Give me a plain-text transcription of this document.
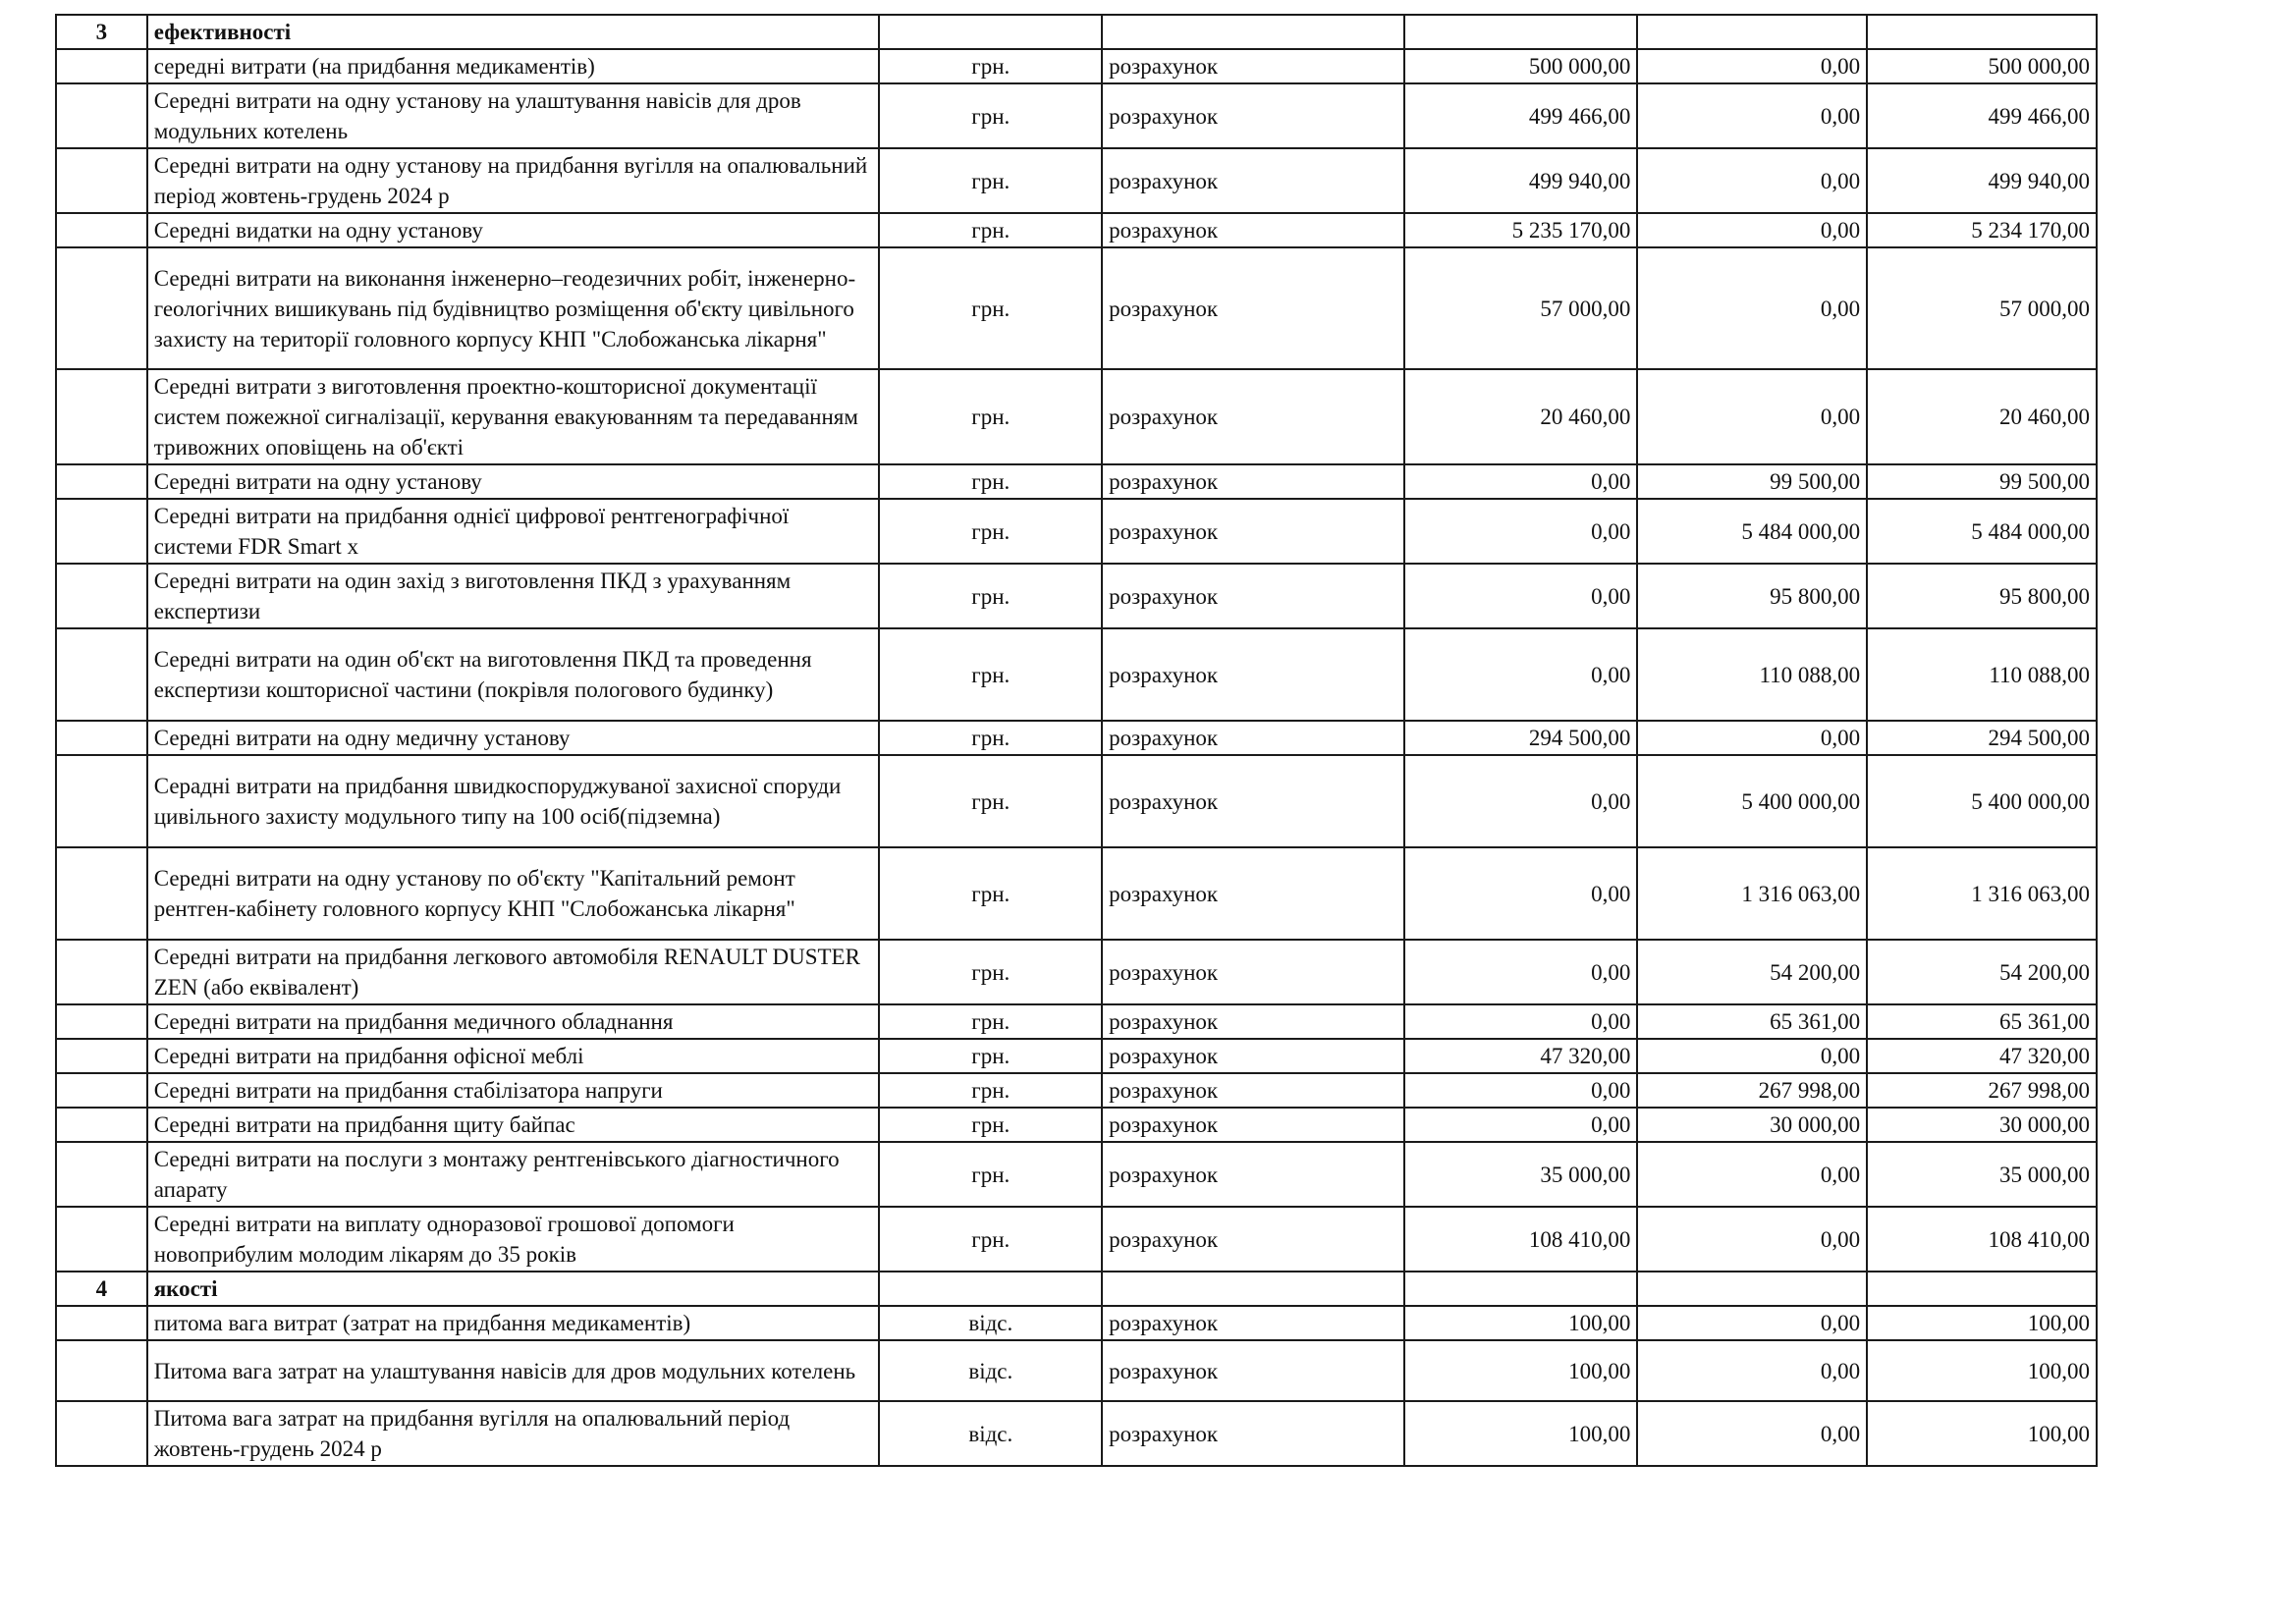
3	ефективності					
	середні витрати (на придбання медикаментів)	грн.	розрахунок	500 000,00	0,00	500 000,00
	Середні витрати на одну установу на улаштування навісів для дров модульних котелень	грн.	розрахунок	499 466,00	0,00	499 466,00
	Середні витрати на одну установу на придбання вугілля на опалювальний період жовтень-грудень 2024 р	грн.	розрахунок	499 940,00	0,00	499 940,00
	Середні видатки на одну установу	грн.	розрахунок	5 235 170,00	0,00	5 234 170,00
	Середні витрати на виконання інженерно–геодезичних робіт, інженерно-геологічних вишикувань під будівництво розміщення об'єкту цивільного захисту на території головного корпусу КНП "Слобожанська лікарня"	грн.	розрахунок	57 000,00	0,00	57 000,00
	Середні витрати з виготовлення проектно-кошторисної документації систем пожежної сигналізації, керування евакуюванням та передаванням тривожних оповіщень на об'єкті	грн.	розрахунок	20 460,00	0,00	20 460,00
	Середні витрати на одну установу	грн.	розрахунок	0,00	99 500,00	99 500,00
	Середні витрати на придбання однієї цифрової рентгенографічної системи FDR Smart x	грн.	розрахунок	0,00	5 484 000,00	5 484 000,00
	Середні витрати на один захід з виготовлення ПКД з урахуванням експертизи	грн.	розрахунок	0,00	95 800,00	95 800,00
	Середні витрати на один об'єкт на виготовлення ПКД та проведення експертизи кошторисної частини (покрівля пологового будинку)	грн.	розрахунок	0,00	110 088,00	110 088,00
	Середні витрати на одну медичну установу	грн.	розрахунок	294 500,00	0,00	294 500,00
	Серадні витрати на придбання швидкоспоруджуваної захисної споруди цивільного захисту модульного типу на 100 осіб(підземна)	грн.	розрахунок	0,00	5 400 000,00	5 400 000,00
	Середні витрати на одну установу по об'єкту "Капітальний ремонт рентген-кабінету головного корпусу КНП "Слобожанська лікарня"	грн.	розрахунок	0,00	1 316 063,00	1 316 063,00
	Середні витрати на придбання легкового автомобіля RENAULT DUSTER ZEN (або еквівалент)	грн.	розрахунок	0,00	54 200,00	54 200,00
	Середні витрати на придбання медичного обладнання	грн.	розрахунок	0,00	65 361,00	65 361,00
	Середні витрати на придбання офісної меблі	грн.	розрахунок	47 320,00	0,00	47 320,00
	Середні витрати на придбання стабілізатора напруги	грн.	розрахунок	0,00	267 998,00	267 998,00
	Середні витрати на придбання щиту байпас	грн.	розрахунок	0,00	30 000,00	30 000,00
	Середні витрати на послуги з монтажу рентгенівського діагностичного апарату	грн.	розрахунок	35 000,00	0,00	35 000,00
	Середні витрати на виплату одноразової грошової допомоги новоприбулим молодим лікарям до 35 років	грн.	розрахунок	108 410,00	0,00	108 410,00
4	якості					
	питома вага витрат (затрат на придбання медикаментів)	відс.	розрахунок	100,00	0,00	100,00
	Питома вага затрат на улаштування навісів для дров модульних котелень	відс.	розрахунок	100,00	0,00	100,00
	Питома вага затрат на придбання вугілля на опалювальний період жовтень-грудень 2024 р	відс.	розрахунок	100,00	0,00	100,00
